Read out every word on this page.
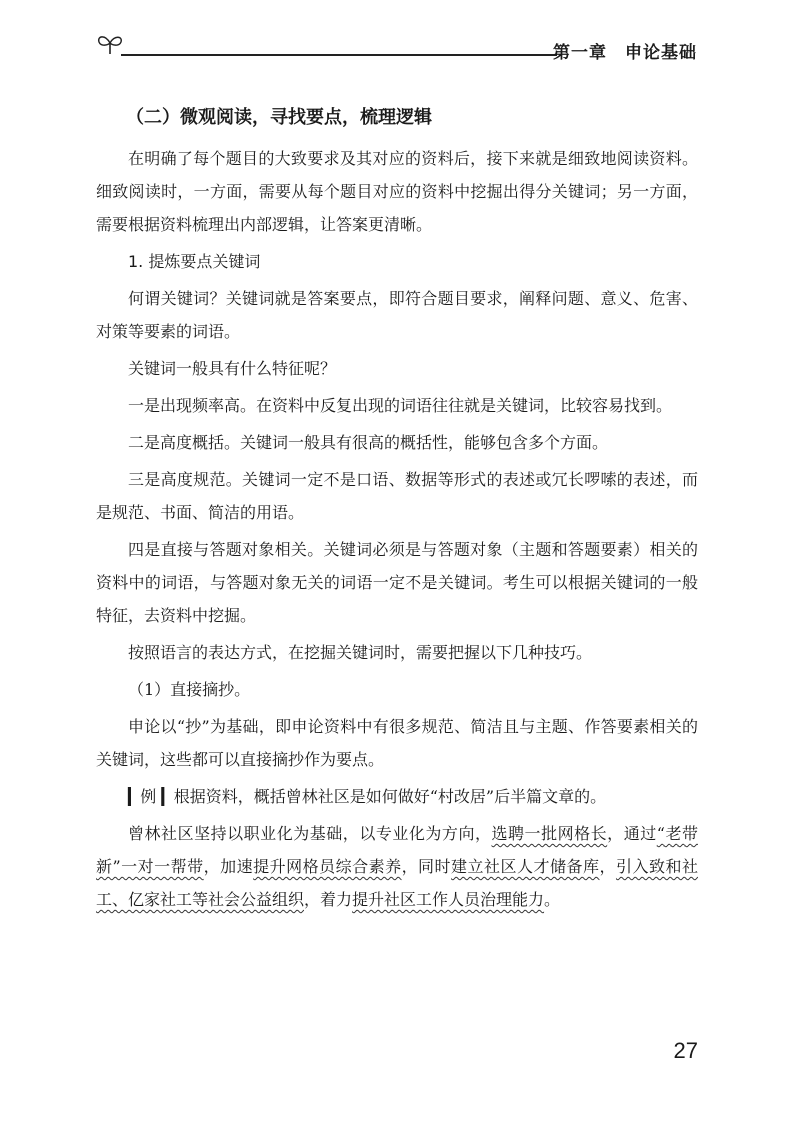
第一章 申论基础

（二）微观阅读，寻找要点，梳理逻辑

在明确了每个题目的大致要求及其对应的资料后，接下来就是细致地阅读资料。细致阅读时，一方面，需要从每个题目对应的资料中挖掘出得分关键词；另一方面，需要根据资料梳理出内部逻辑，让答案更清晰。

1. 提炼要点关键词

何谓关键词？关键词就是答案要点，即符合题目要求，阐释问题、意义、危害、对策等要素的词语。

关键词一般具有什么特征呢？

一是出现频率高。在资料中反复出现的词语往往就是关键词，比较容易找到。

二是高度概括。关键词一般具有很高的概括性，能够包含多个方面。

三是高度规范。关键词一定不是口语、数据等形式的表述或冗长啰嗦的表述，而是规范、书面、简洁的用语。

四是直接与答题对象相关。关键词必须是与答题对象（主题和答题要素）相关的资料中的词语，与答题对象无关的词语一定不是关键词。考生可以根据关键词的一般特征，去资料中挖掘。

按照语言的表达方式，在挖掘关键词时，需要把握以下几种技巧。

（1）直接摘抄。

申论以“抄”为基础，即申论资料中有很多规范、简洁且与主题、作答要素相关的关键词，这些都可以直接摘抄作为要点。

▎例 ▎根据资料，概括曾林社区是如何做好“村改居”后半篇文章的。

曾林社区坚持以职业化为基础，以专业化为方向，选聘一批网格长，通过“老带新”一对一帮带，加速提升网格员综合素养，同时建立社区人才储备库，引入致和社工、亿家社工等社会公益组织，着力提升社区工作人员治理能力。

27
